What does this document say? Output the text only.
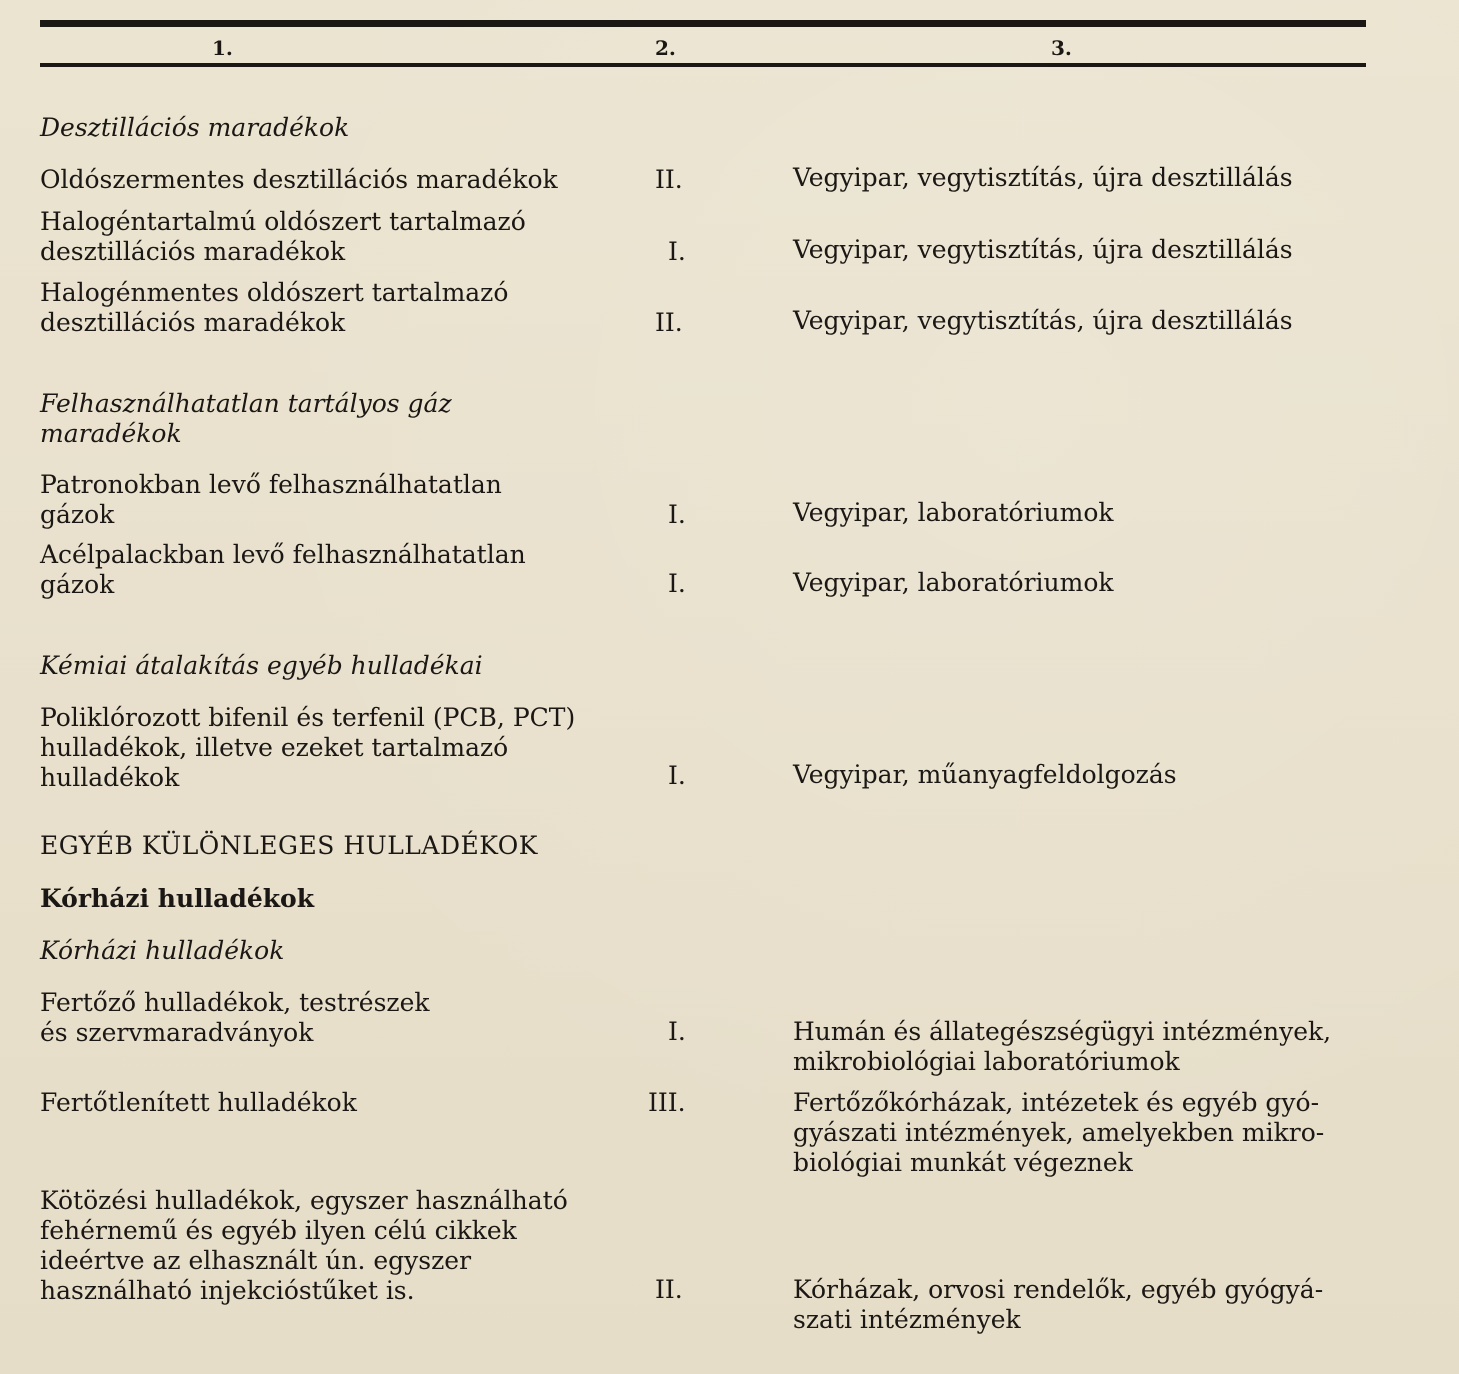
1.	2.	3.
Desztillációs maradékok
Oldószermentes desztillációs maradékok	II.	Vegyipar, vegytisztítás, újra desztillálás
Halogéntartalmú oldószert tartalmazó
desztillációs maradékok	I.	Vegyipar, vegytisztítás, újra desztillálás
Halogénmentes oldószert tartalmazó
desztillációs maradékok	II.	Vegyipar, vegytisztítás, újra desztillálás
Felhasználhatatlan tartályos gáz maradékok
Patronokban levő felhasználhatatlan
gázok	I.	Vegyipar, laboratóriumok
Acélpalackban levő felhasználhatatlan
gázok	I.	Vegyipar, laboratóriumok
Kémiai átalakítás egyéb hulladékai
Poliklórozott bifenil és terfenil (PCB, PCT)
hulladékok, illetve ezeket tartalmazó
hulladékok	I.	Vegyipar, műanyagfeldolgozás
EGYÉB KÜLÖNLEGES HULLADÉKOK
Kórházi hulladékok
Kórházi hulladékok
Fertőző hulladékok, testrészek
és szervmaradványok	I.	Humán és állategészségügyi intézmények,
mikrobiológiai laboratóriumok
Fertőtlenített hulladékok	III.	Fertőzőkórházak, intézetek és egyéb gyó-
gyászati intézmények, amelyekben mikro-
biológiai munkát végeznek
Kötözési hulladékok, egyszer használható
fehérnemű és egyéb ilyen célú cikkek
ideértve az elhasznált ún. egyszer
használható injekcióstűket is.	II.	Kórházak, orvosi rendelők, egyéb gyógyá-
szati intézmények
